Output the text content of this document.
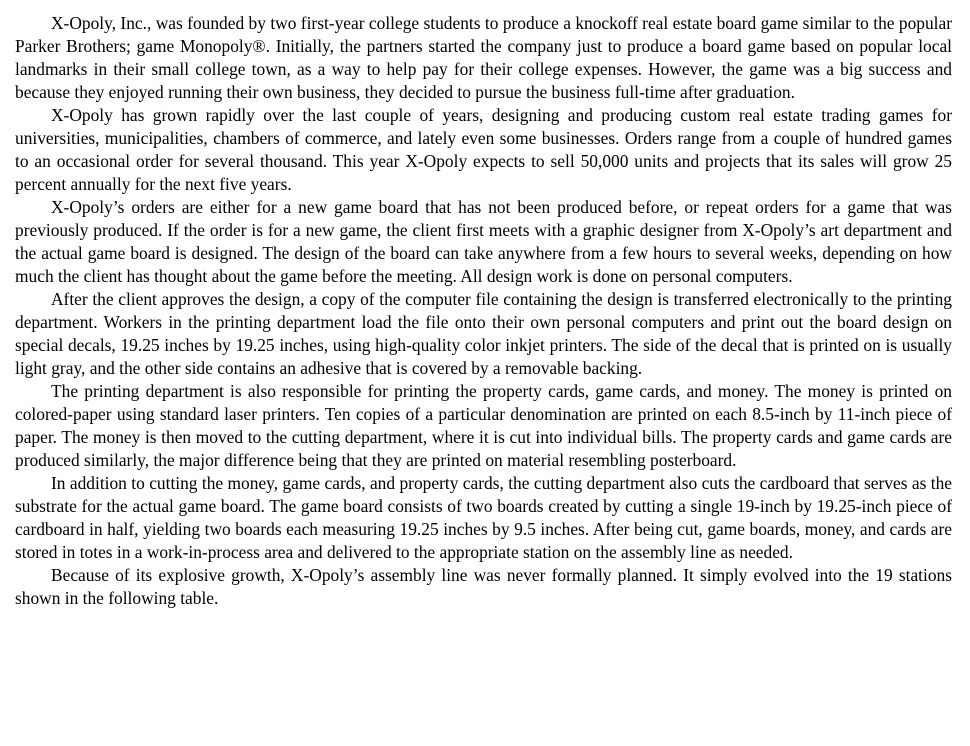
X-Opoly, Inc., was founded by two first-year college students to produce a knockoff real estate board game similar to the popular Parker Brothers; game Monopoly®. Initially, the partners started the company just to produce a board game based on popular local landmarks in their small college town, as a way to help pay for their college expenses. However, the game was a big success and because they enjoyed running their own business, they decided to pursue the business full-time after graduation.

X-Opoly has grown rapidly over the last couple of years, designing and producing custom real estate trading games for universities, municipalities, chambers of commerce, and lately even some businesses. Orders range from a couple of hundred games to an occasional order for several thousand. This year X-Opoly expects to sell 50,000 units and projects that its sales will grow 25 percent annually for the next five years.

X-Opoly’s orders are either for a new game board that has not been produced before, or repeat orders for a game that was previously produced. If the order is for a new game, the client first meets with a graphic designer from X-Opoly’s art department and the actual game board is designed. The design of the board can take anywhere from a few hours to several weeks, depending on how much the client has thought about the game before the meeting. All design work is done on personal computers.

After the client approves the design, a copy of the computer file containing the design is transferred electronically to the printing department. Workers in the printing department load the file onto their own personal computers and print out the board design on special decals, 19.25 inches by 19.25 inches, using high-quality color inkjet printers. The side of the decal that is printed on is usually light gray, and the other side contains an adhesive that is covered by a removable backing.

The printing department is also responsible for printing the property cards, game cards, and money. The money is printed on colored-paper using standard laser printers. Ten copies of a particular denomination are printed on each 8.5-inch by 11-inch piece of paper. The money is then moved to the cutting department, where it is cut into individual bills. The property cards and game cards are produced similarly, the major difference being that they are printed on material resembling posterboard.

In addition to cutting the money, game cards, and property cards, the cutting department also cuts the cardboard that serves as the substrate for the actual game board. The game board consists of two boards created by cutting a single 19-inch by 19.25-inch piece of cardboard in half, yielding two boards each measuring 19.25 inches by 9.5 inches. After being cut, game boards, money, and cards are stored in totes in a work-in-process area and delivered to the appropriate station on the assembly line as needed.

Because of its explosive growth, X-Opoly’s assembly line was never formally planned. It simply evolved into the 19 stations shown in the following table.
